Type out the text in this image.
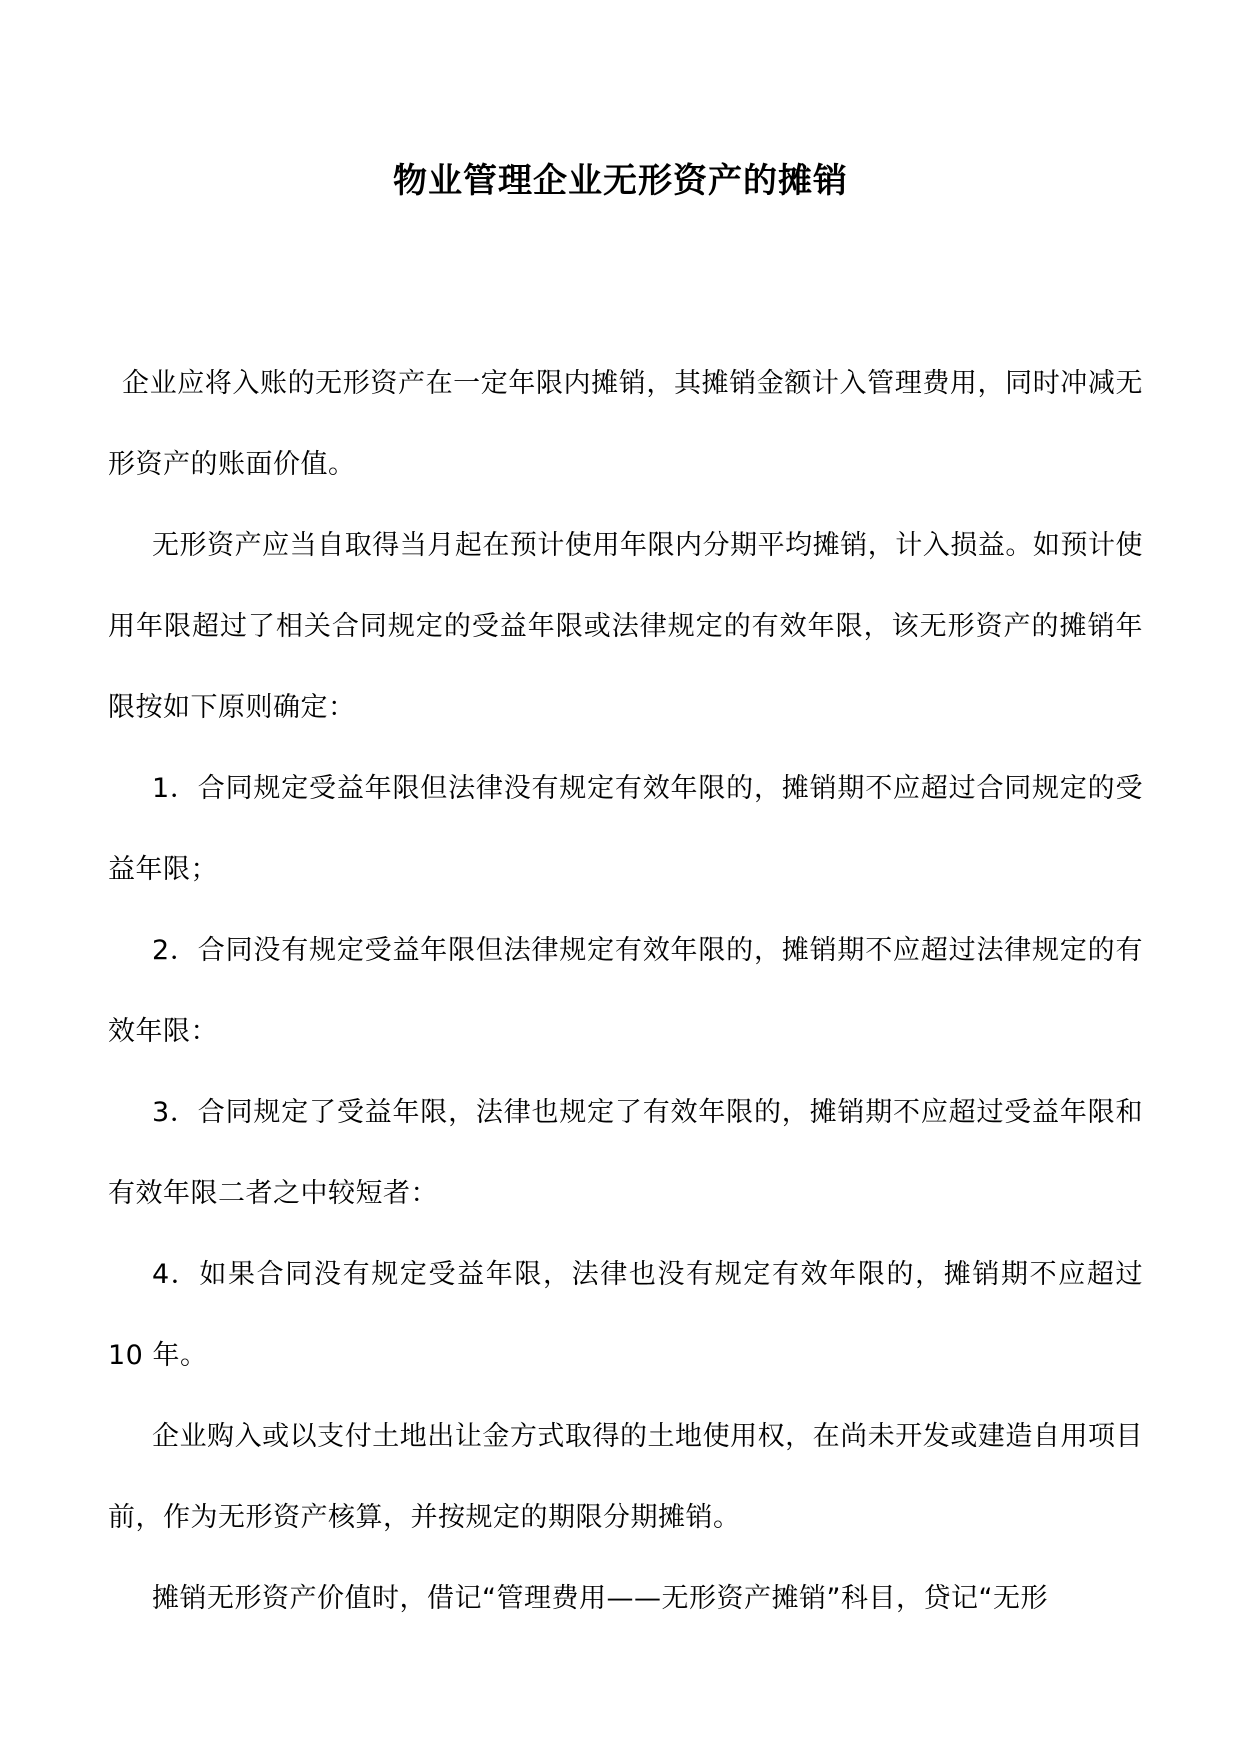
物业管理企业无形资产的摊销

企业应将入账的无形资产在一定年限内摊销，其摊销金额计入管理费用，同时冲减无形资产的账面价值。

无形资产应当自取得当月起在预计使用年限内分期平均摊销，计入损益。如预计使用年限超过了相关合同规定的受益年限或法律规定的有效年限，该无形资产的摊销年限按如下原则确定：

1．合同规定受益年限但法律没有规定有效年限的，摊销期不应超过合同规定的受益年限；

2．合同没有规定受益年限但法律规定有效年限的，摊销期不应超过法律规定的有效年限：

3．合同规定了受益年限，法律也规定了有效年限的，摊销期不应超过受益年限和有效年限二者之中较短者：

4．如果合同没有规定受益年限，法律也没有规定有效年限的，摊销期不应超过 10 年。

企业购入或以支付土地出让金方式取得的土地使用权，在尚未开发或建造自用项目前，作为无形资产核算，并按规定的期限分期摊销。

摊销无形资产价值时，借记“管理费用——无形资产摊销”科目，贷记“无形
